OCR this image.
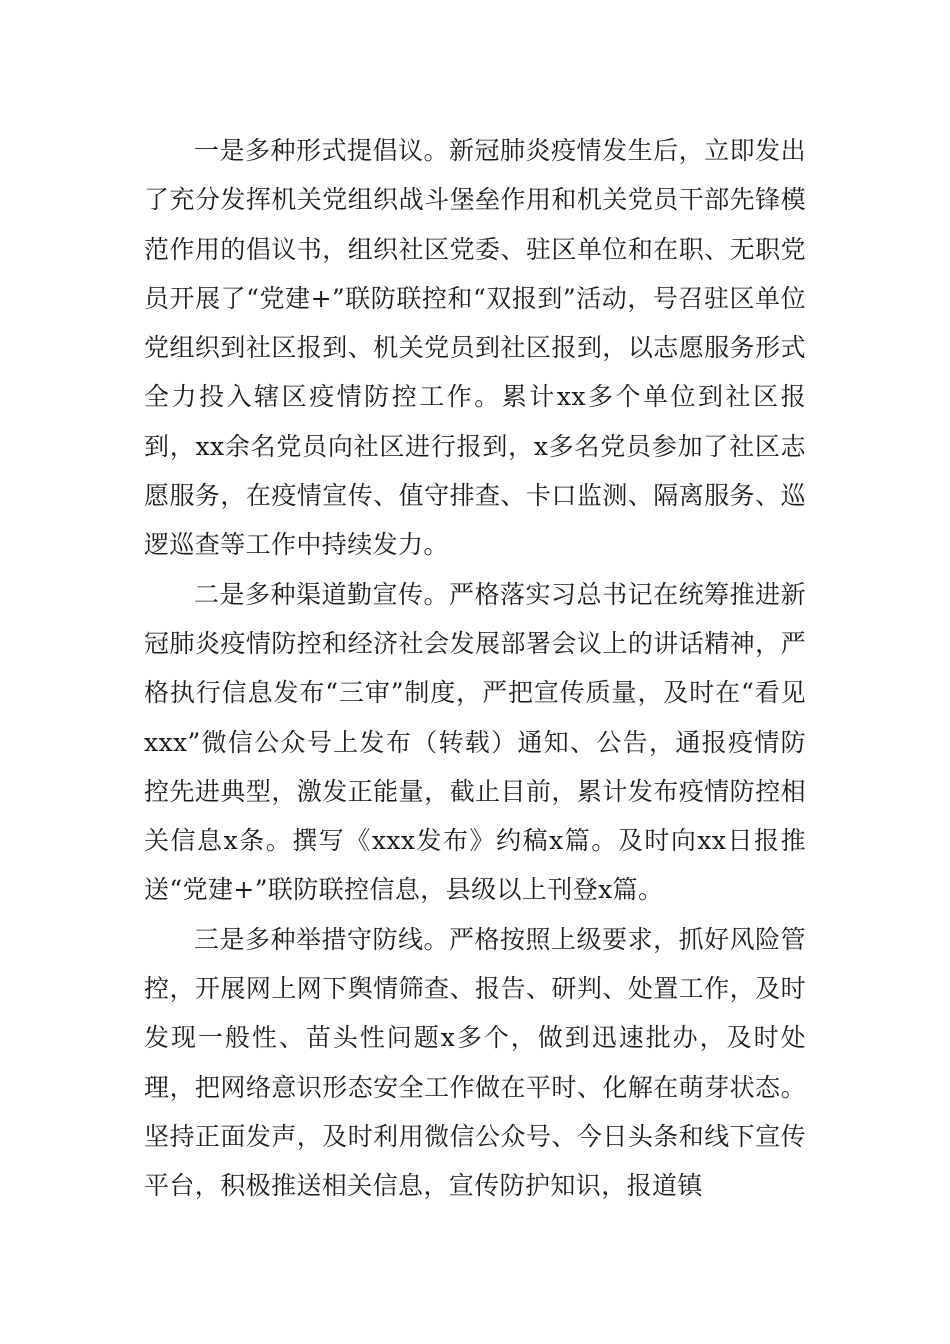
一是多种形式提倡议。新冠肺炎疫情发生后，立即发出了充分发挥机关党组织战斗堡垒作用和机关党员干部先锋模范作用的倡议书，组织社区党委、驻区单位和在职、无职党员开展了“党建+”联防联控和“双报到”活动，号召驻区单位党组织到社区报到、机关党员到社区报到，以志愿服务形式全力投入辖区疫情防控工作。累计xx多个单位到社区报到，xx余名党员向社区进行报到，x多名党员参加了社区志愿服务，在疫情宣传、值守排查、卡口监测、隔离服务、巡逻巡查等工作中持续发力。

二是多种渠道勤宣传。严格落实习总书记在统筹推进新冠肺炎疫情防控和经济社会发展部署会议上的讲话精神，严格执行信息发布“三审”制度，严把宣传质量，及时在“看见xxx”微信公众号上发布（转载）通知、公告，通报疫情防控先进典型，激发正能量，截止目前，累计发布疫情防控相关信息x条。撰写《xxx发布》约稿x篇。及时向xx日报推送“党建+”联防联控信息，县级以上刊登x篇。

三是多种举措守防线。严格按照上级要求，抓好风险管控，开展网上网下舆情筛查、报告、研判、处置工作，及时发现一般性、苗头性问题x多个，做到迅速批办，及时处理，把网络意识形态安全工作做在平时、化解在萌芽状态。坚持正面发声，及时利用微信公众号、今日头条和线下宣传平台，积极推送相关信息，宣传防护知识，报道镇
